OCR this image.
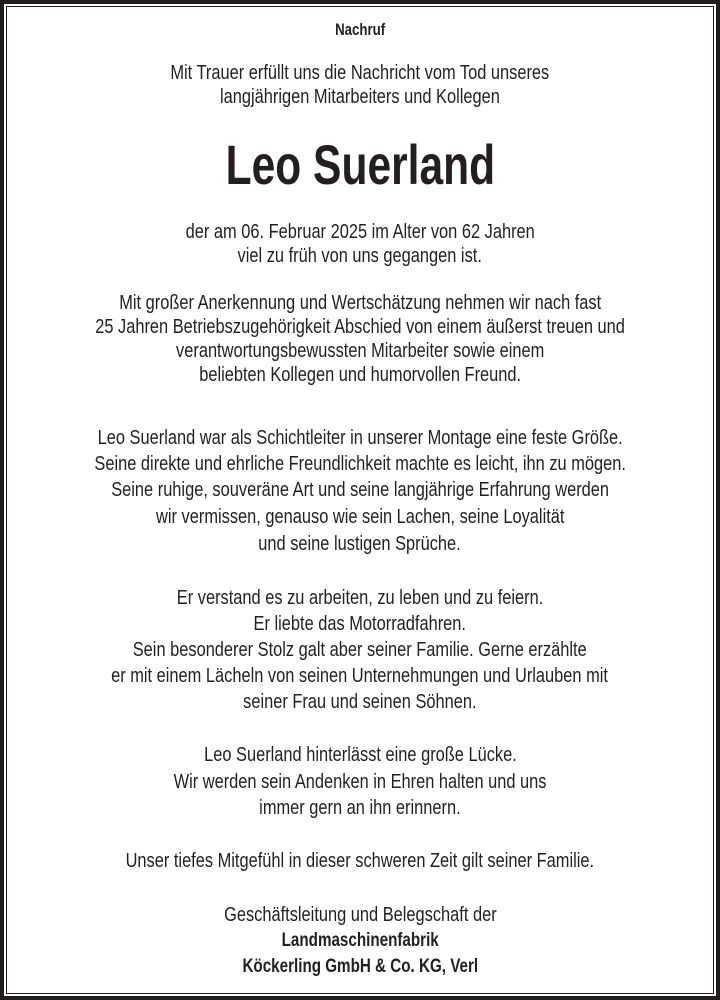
Nachruf
Mit Trauer erfüllt uns die Nachricht vom Tod unseres
langjährigen Mitarbeiters und Kollegen
Leo Suerland
der am 06. Februar 2025 im Alter von 62 Jahren
viel zu früh von uns gegangen ist.
Mit großer Anerkennung und Wertschätzung nehmen wir nach fast
25 Jahren Betriebszugehörigkeit Abschied von einem äußerst treuen und
verantwortungsbewussten Mitarbeiter sowie einem
beliebten Kollegen und humorvollen Freund.
Leo Suerland war als Schichtleiter in unserer Montage eine feste Größe.
Seine direkte und ehrliche Freundlichkeit machte es leicht, ihn zu mögen.
Seine ruhige, souveräne Art und seine langjährige Erfahrung werden
wir vermissen, genauso wie sein Lachen, seine Loyalität
und seine lustigen Sprüche.
Er verstand es zu arbeiten, zu leben und zu feiern.
Er liebte das Motorradfahren.
Sein besonderer Stolz galt aber seiner Familie. Gerne erzählte
er mit einem Lächeln von seinen Unternehmungen und Urlauben mit
seiner Frau und seinen Söhnen.
Leo Suerland hinterlässt eine große Lücke.
Wir werden sein Andenken in Ehren halten und uns
immer gern an ihn erinnern.
Unser tiefes Mitgefühl in dieser schweren Zeit gilt seiner Familie.
Geschäftsleitung und Belegschaft der
Landmaschinenfabrik
Köckerling GmbH & Co. KG, Verl
